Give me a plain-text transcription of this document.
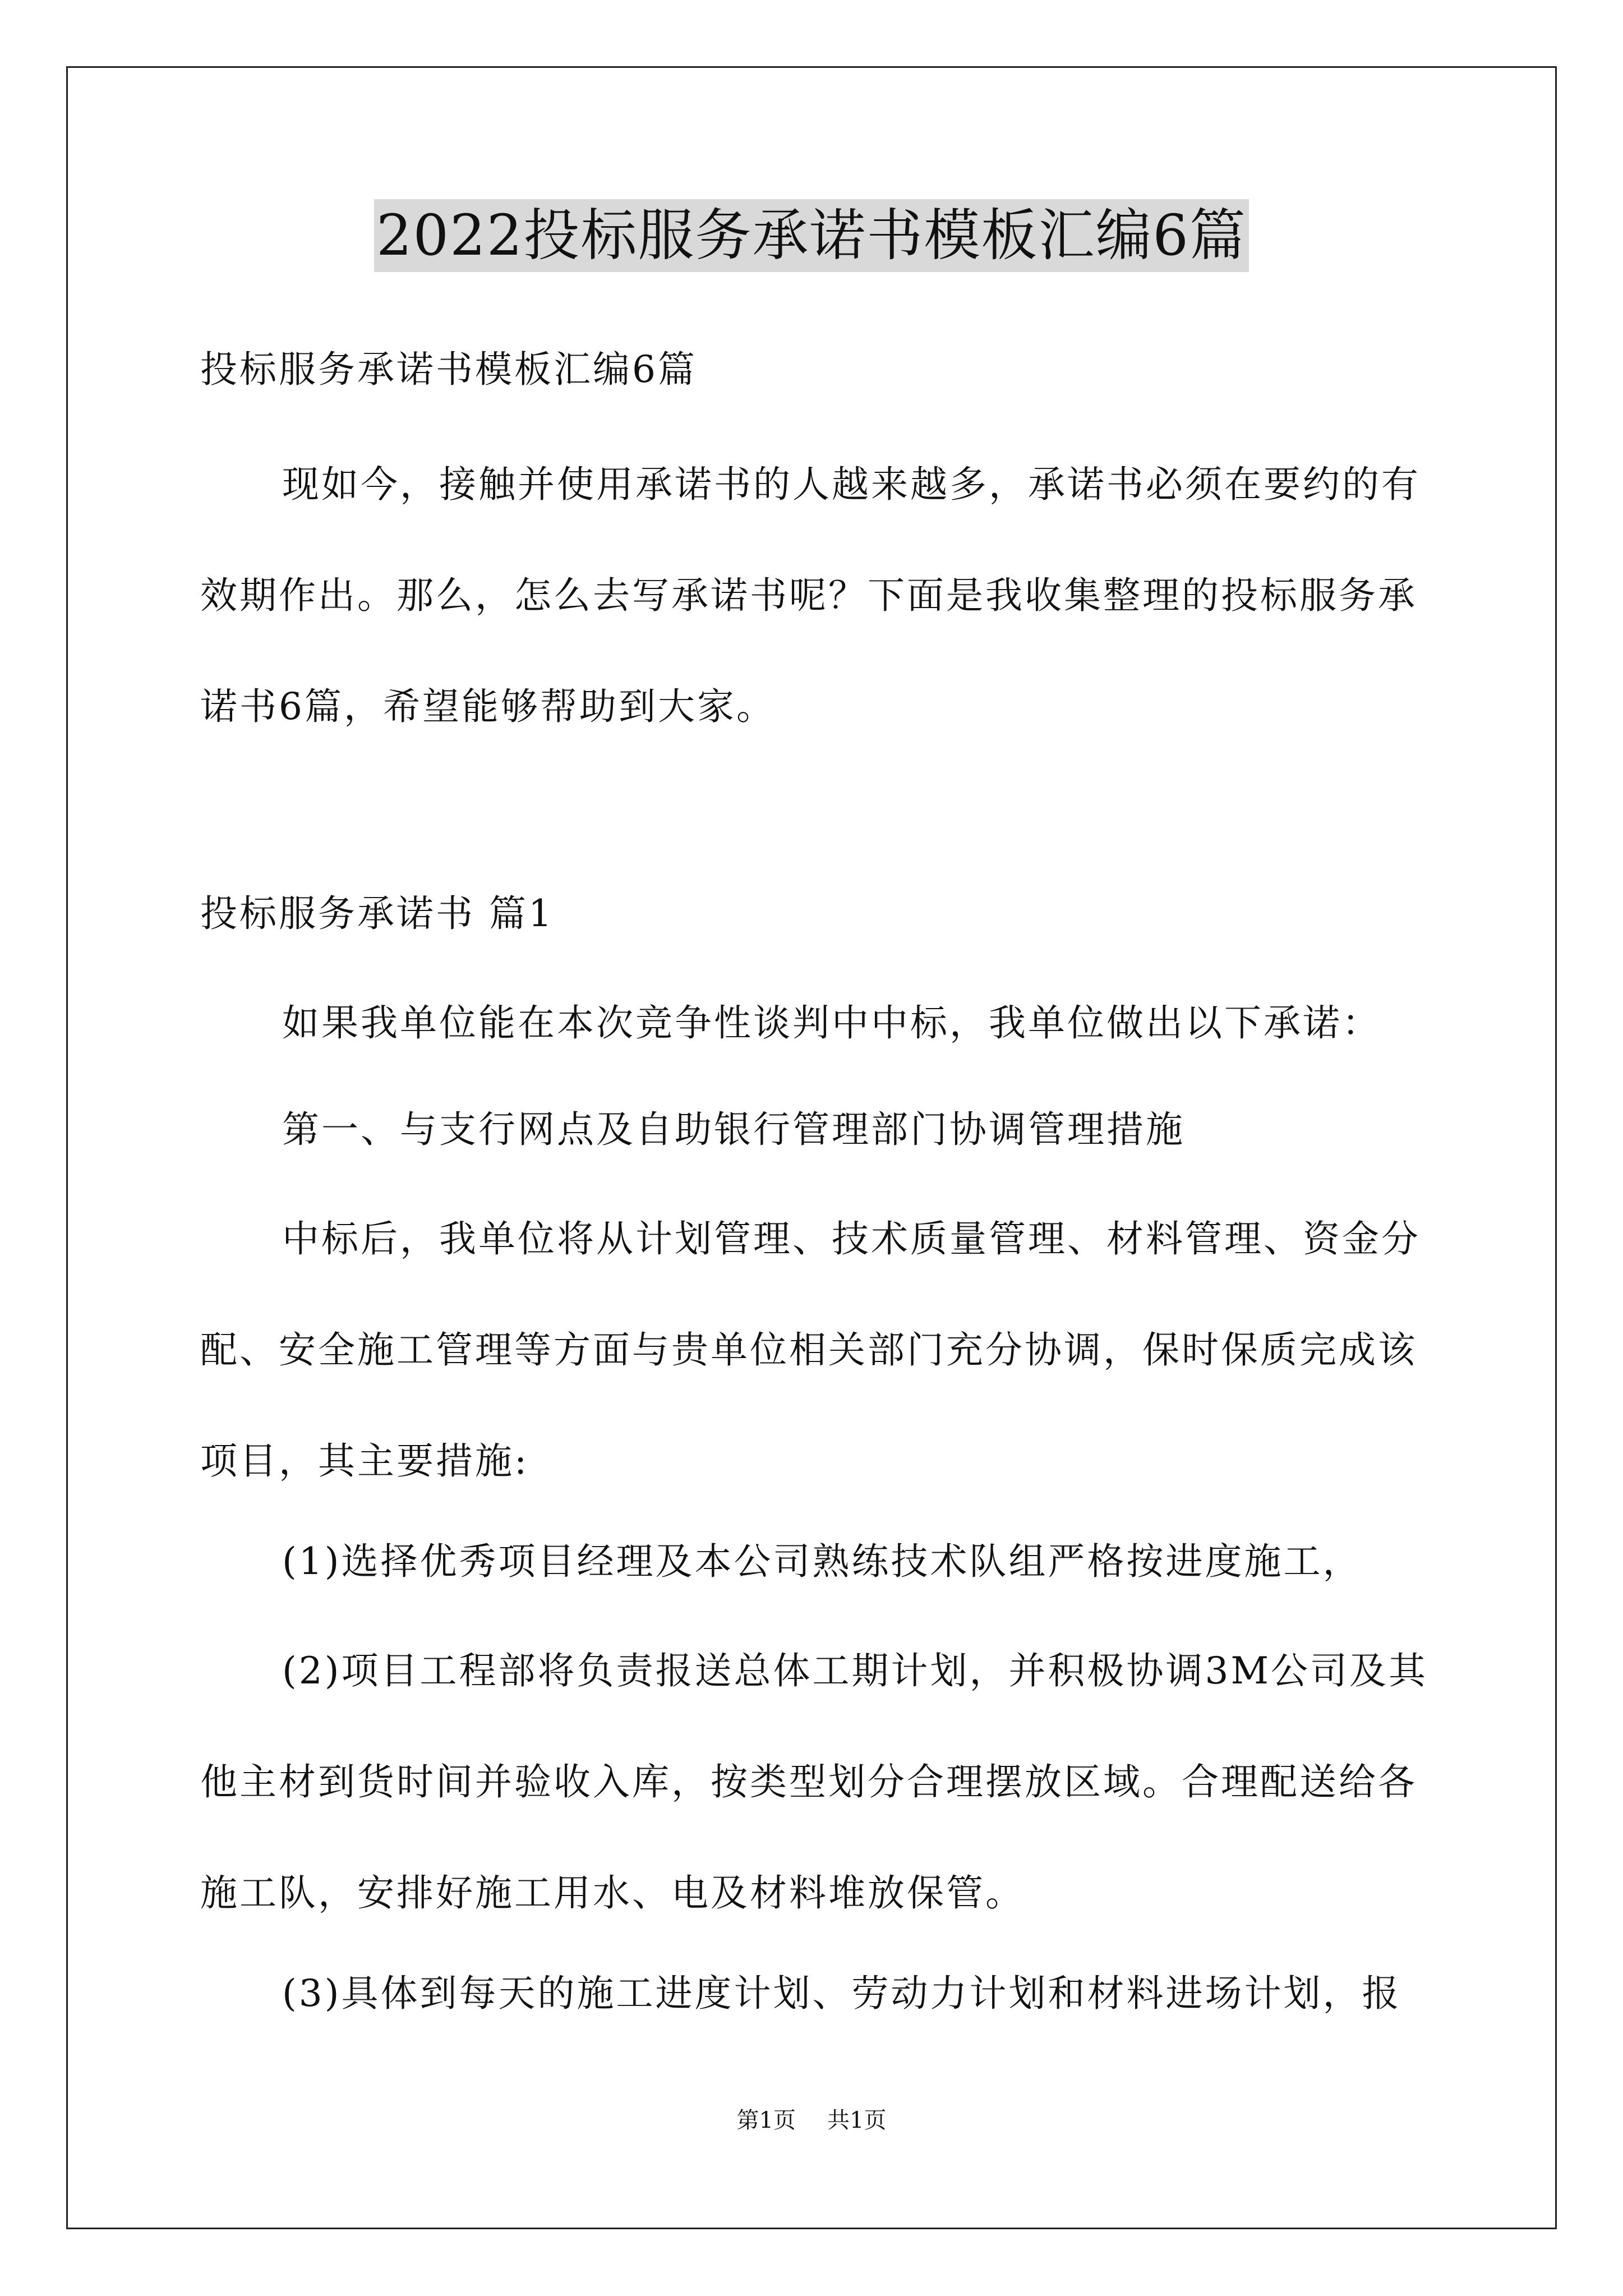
2022投标服务承诺书模板汇编6篇

投标服务承诺书模板汇编6篇

现如今，接触并使用承诺书的人越来越多，承诺书必须在要约的有效期作出。那么，怎么去写承诺书呢？下面是我收集整理的投标服务承诺书6篇，希望能够帮助到大家。

投标服务承诺书 篇1

如果我单位能在本次竞争性谈判中中标，我单位做出以下承诺：

第一、与支行网点及自助银行管理部门协调管理措施

中标后，我单位将从计划管理、技术质量管理、材料管理、资金分配、安全施工管理等方面与贵单位相关部门充分协调，保时保质完成该项目，其主要措施:

(1)选择优秀项目经理及本公司熟练技术队组严格按进度施工，

(2)项目工程部将负责报送总体工期计划，并积极协调3M公司及其他主材到货时间并验收入库，按类型划分合理摆放区域。合理配送给各施工队，安排好施工用水、电及材料堆放保管。

(3)具体到每天的施工进度计划、劳动力计划和材料进场计划，报

第1页 共1页
